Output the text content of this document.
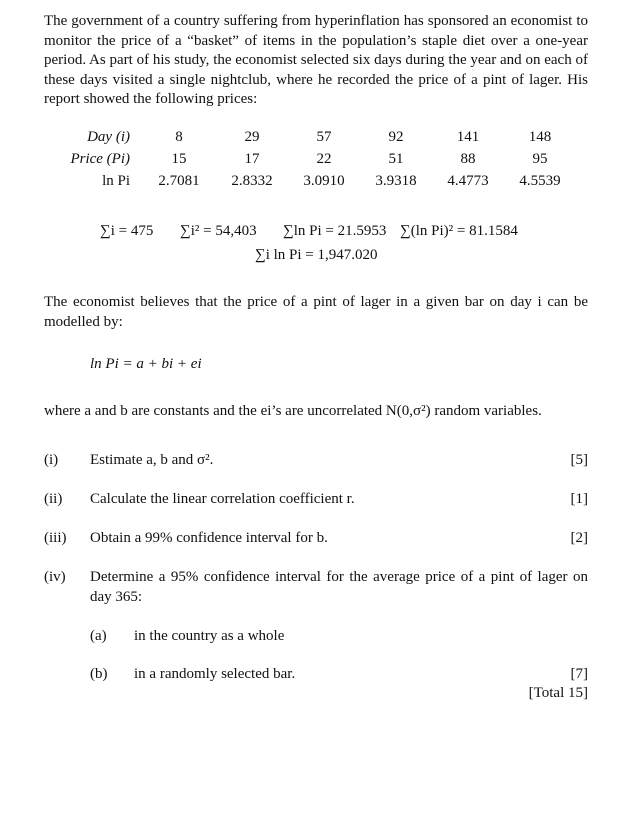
The government of a country suffering from hyperinflation has sponsored an economist to monitor the price of a “basket” of items in the population’s staple diet over a one-year period. As part of his study, the economist selected six days during the year and on each of these days visited a single nightclub, where he recorded the price of a pint of lager. His report showed the following prices:
Day (i)	8	29	57	92	141	148
Price (Pi)	15	17	22	51	88	95
ln Pi	2.7081	2.8332	3.0910	3.9318	4.4773	4.5539
∑i = 475 ∑i² = 54,403 ∑ln Pi = 21.5953 ∑(ln Pi)² = 81.1584
∑i ln Pi = 1,947.020
The economist believes that the price of a pint of lager in a given bar on day i can be modelled by:
ln Pi = a + bi + ei
where a and b are constants and the ei’s are uncorrelated N(0,σ²) random variables.
(i) Estimate a, b and σ².	[5]
(ii) Calculate the linear correlation coefficient r.	[1]
(iii) Obtain a 99% confidence interval for b.	[2]
(iv) Determine a 95% confidence interval for the average price of a pint of lager on day 365:
(a) in the country as a whole
(b) in a randomly selected bar.	[7]
[Total 15]
